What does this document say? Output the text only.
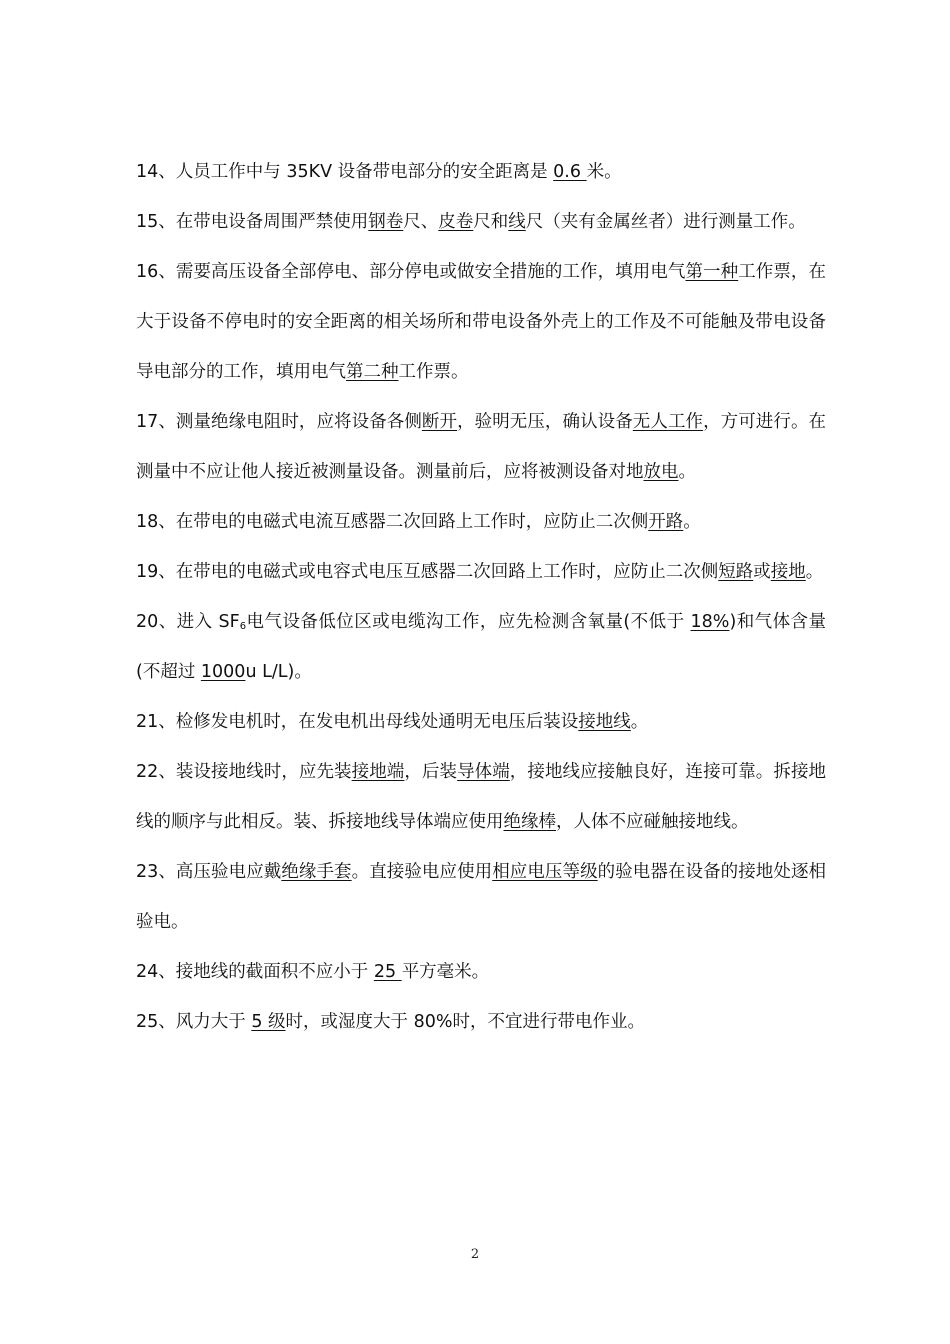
14、人员工作中与 35KV 设备带电部分的安全距离是 0.6 米。

15、在带电设备周围严禁使用钢卷尺、皮卷尺和线尺（夹有金属丝者）进行测量工作。

16、需要高压设备全部停电、部分停电或做安全措施的工作，填用电气第一种工作票，在大于设备不停电时的安全距离的相关场所和带电设备外壳上的工作及不可能触及带电设备导电部分的工作，填用电气第二种工作票。

17、测量绝缘电阻时，应将设备各侧断开，验明无压，确认设备无人工作，方可进行。在测量中不应让他人接近被测量设备。测量前后，应将被测设备对地放电。

18、在带电的电磁式电流互感器二次回路上工作时，应防止二次侧开路。

19、在带电的电磁式或电容式电压互感器二次回路上工作时，应防止二次侧短路或接地。

20、进入 $SF_6$电气设备低位区或电缆沟工作，应先检测含氧量(不低于 18%)和气体含量(不超过 1000u L/L)。

21、检修发电机时，在发电机出母线处通明无电压后装设接地线。

22、装设接地线时，应先装接地端，后装导体端，接地线应接触良好，连接可靠。拆接地线的顺序与此相反。装、拆接地线导体端应使用绝缘棒，人体不应碰触接地线。

23、高压验电应戴绝缘手套。直接验电应使用相应电压等级的验电器在设备的接地处逐相验电。

24、接地线的截面积不应小于 25 平方毫米。

25、风力大于 5 级时，或湿度大于 80%时，不宜进行带电作业。

2
